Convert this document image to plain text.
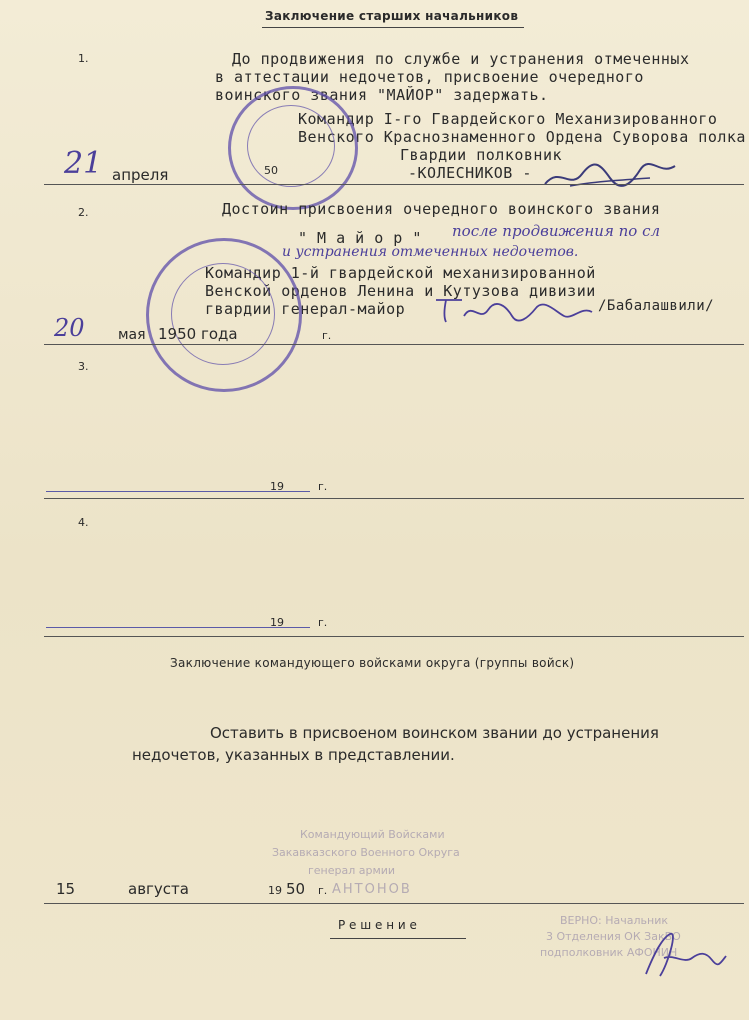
Заключение старших начальников
1.	До продвижения по службе и устранения отмеченных
в аттестации недочетов, присвоение очередного
воинского звания "МАЙОР" задержать.
Командир I-го Гвардейского Механизированного
Венского Краснознаменного Ордена Суворова полка
Гвардии полковник
-КОЛЕСНИКОВ -
21 апреля	50
2.	Достоин присвоения очередного воинского звания
" М а й о р " после продвижения по сл
и устранения отмеченных недочетов.
Командир 1-й гвардейской механизированной
Венской орденов Ленина и Кутузова дивизии
гвардии генерал-майор	/Бабалашвили/
20 мая 1950 года	г.
3.
19	г.
4.
19	г.
Заключение командующего войсками округа (группы войск)
Оставить в присвоеном воинском звании до устранения
недочетов, указанных в представлении.
Командующий Войсками
Закавказского Военного Округа
генерал армии
АНТОНОВ
ВЕРНО: Начальник
3 Отделения ОК ЗакВО
подполковник АФОНИН
15	августа	19 50 г.
Р е ш е н и е
